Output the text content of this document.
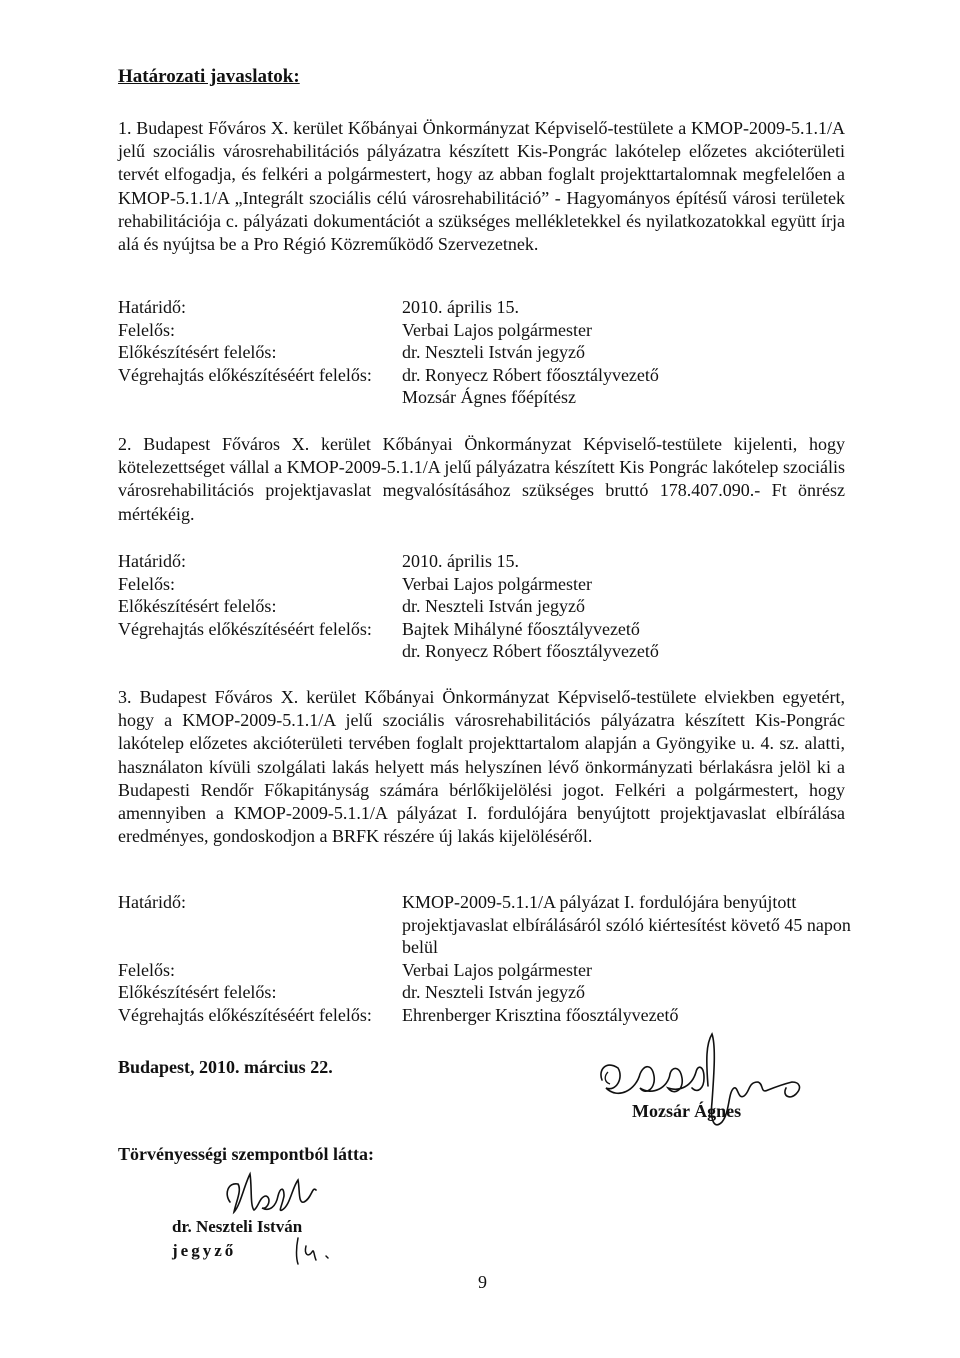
Határozati javaslatok:

1. Budapest Főváros X. kerület Kőbányai Önkormányzat Képviselő-testülete a KMOP-2009-5.1.1/A jelű szociális városrehabilitációs pályázatra készített Kis-Pongrác lakótelep előzetes akcióterületi tervét elfogadja, és felkéri a polgármestert, hogy az abban foglalt projekttartalomnak megfelelően a KMOP-5.1.1/A „Integrált szociális célú városrehabilitáció” - Hagyományos építésű városi területek rehabilitációja c. pályázati dokumentációt a szükséges mellékletekkel és nyilatkozatokkal együtt írja alá és nyújtsa be a Pro Régió Közreműködő Szervezetnek.

Határidő:	2010. április 15.
Felelős:	Verbai Lajos polgármester
Előkészítésért felelős:	dr. Neszteli István jegyző
Végrehajtás előkészítéséért felelős:	dr. Ronyecz Róbert főosztályvezető
Mozsár Ágnes főépítész

2. Budapest Főváros X. kerület Kőbányai Önkormányzat Képviselő-testülete kijelenti, hogy kötelezettséget vállal a KMOP-2009-5.1.1/A jelű pályázatra készített Kis Pongrác lakótelep szociális városrehabilitációs projektjavaslat megvalósításához szükséges bruttó 178.407.090.- Ft önrész mértékéig.

Határidő:	2010. április 15.
Felelős:	Verbai Lajos polgármester
Előkészítésért felelős:	dr. Neszteli István jegyző
Végrehajtás előkészítéséért felelős:	Bajtek Mihályné főosztályvezető
dr. Ronyecz Róbert főosztályvezető

3. Budapest Főváros X. kerület Kőbányai Önkormányzat Képviselő-testülete elviekben egyetért, hogy a KMOP-2009-5.1.1/A jelű szociális városrehabilitációs pályázatra készített Kis-Pongrác lakótelep előzetes akcióterületi tervében foglalt projekttartalom alapján a Gyöngyike u. 4. sz. alatti, használaton kívüli szolgálati lakás helyett más helyszínen lévő önkormányzati bérlakásra jelöl ki a Budapesti Rendőr Főkapitányság számára bérlőkijelölési jogot. Felkéri a polgármestert, hogy amennyiben a KMOP-2009-5.1.1/A pályázat I. fordulójára benyújtott projektjavaslat elbírálása eredményes, gondoskodjon a BRFK részére új lakás kijelöléséről.

Határidő:	KMOP-2009-5.1.1/A pályázat I. fordulójára benyújtott projektjavaslat elbírálásáról szóló kiértesítést követő 45 napon belül
Felelős:	Verbai Lajos polgármester
Előkészítésért felelős:	dr. Neszteli István jegyző
Végrehajtás előkészítéséért felelős:	Ehrenberger Krisztina főosztályvezető

Budapest, 2010. március 22.

Mozsár Ágnes

Törvényességi szempontból látta:

dr. Neszteli István
jegyző

9
